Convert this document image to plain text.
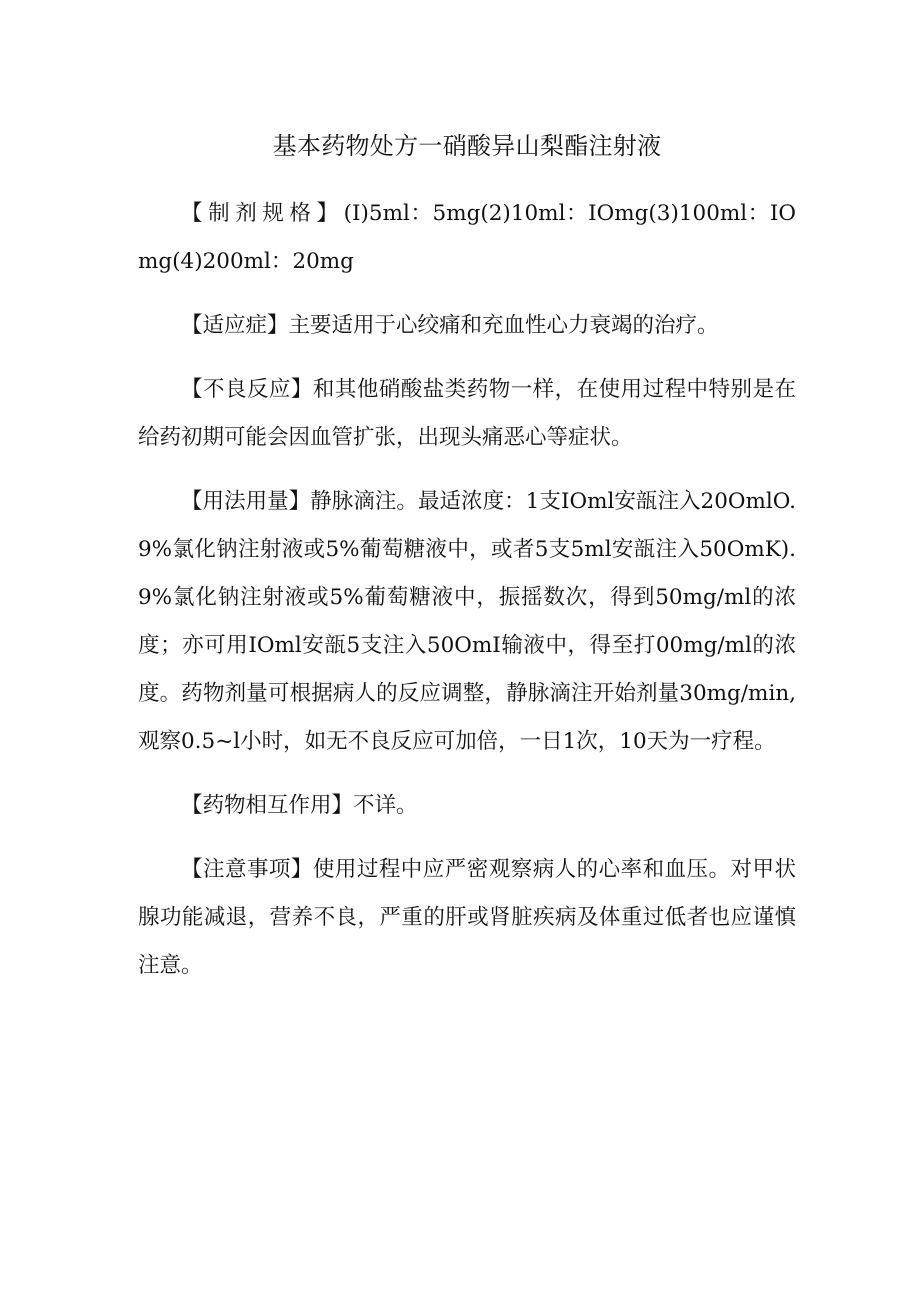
基本药物处方一硝酸异山梨酯注射液

【制剂规格】(I)5ml：5mg(2)10ml：IOmg(3)100ml：IOmg(4)200ml：20mg

【适应症】主要适用于心绞痛和充血性心力衰竭的治疗。

【不良反应】和其他硝酸盐类药物一样，在使用过程中特别是在给药初期可能会因血管扩张，出现头痛恶心等症状。

【用法用量】静脉滴注。最适浓度：1支IOml安瓿注入20OmlO.9%氯化钠注射液或5%葡萄糖液中，或者5支5ml安瓿注入50OmK).9%氯化钠注射液或5%葡萄糖液中，振摇数次，得到50mg/ml的浓度；亦可用IOml安瓿5支注入50OmI输液中，得至打00mg/ml的浓度。药物剂量可根据病人的反应调整，静脉滴注开始剂量30mg/min,观察0.5~l小时，如无不良反应可加倍，一日1次，10天为一疗程。

【药物相互作用】不详。

【注意事项】使用过程中应严密观察病人的心率和血压。对甲状腺功能减退，营养不良，严重的肝或肾脏疾病及体重过低者也应谨慎注意。
